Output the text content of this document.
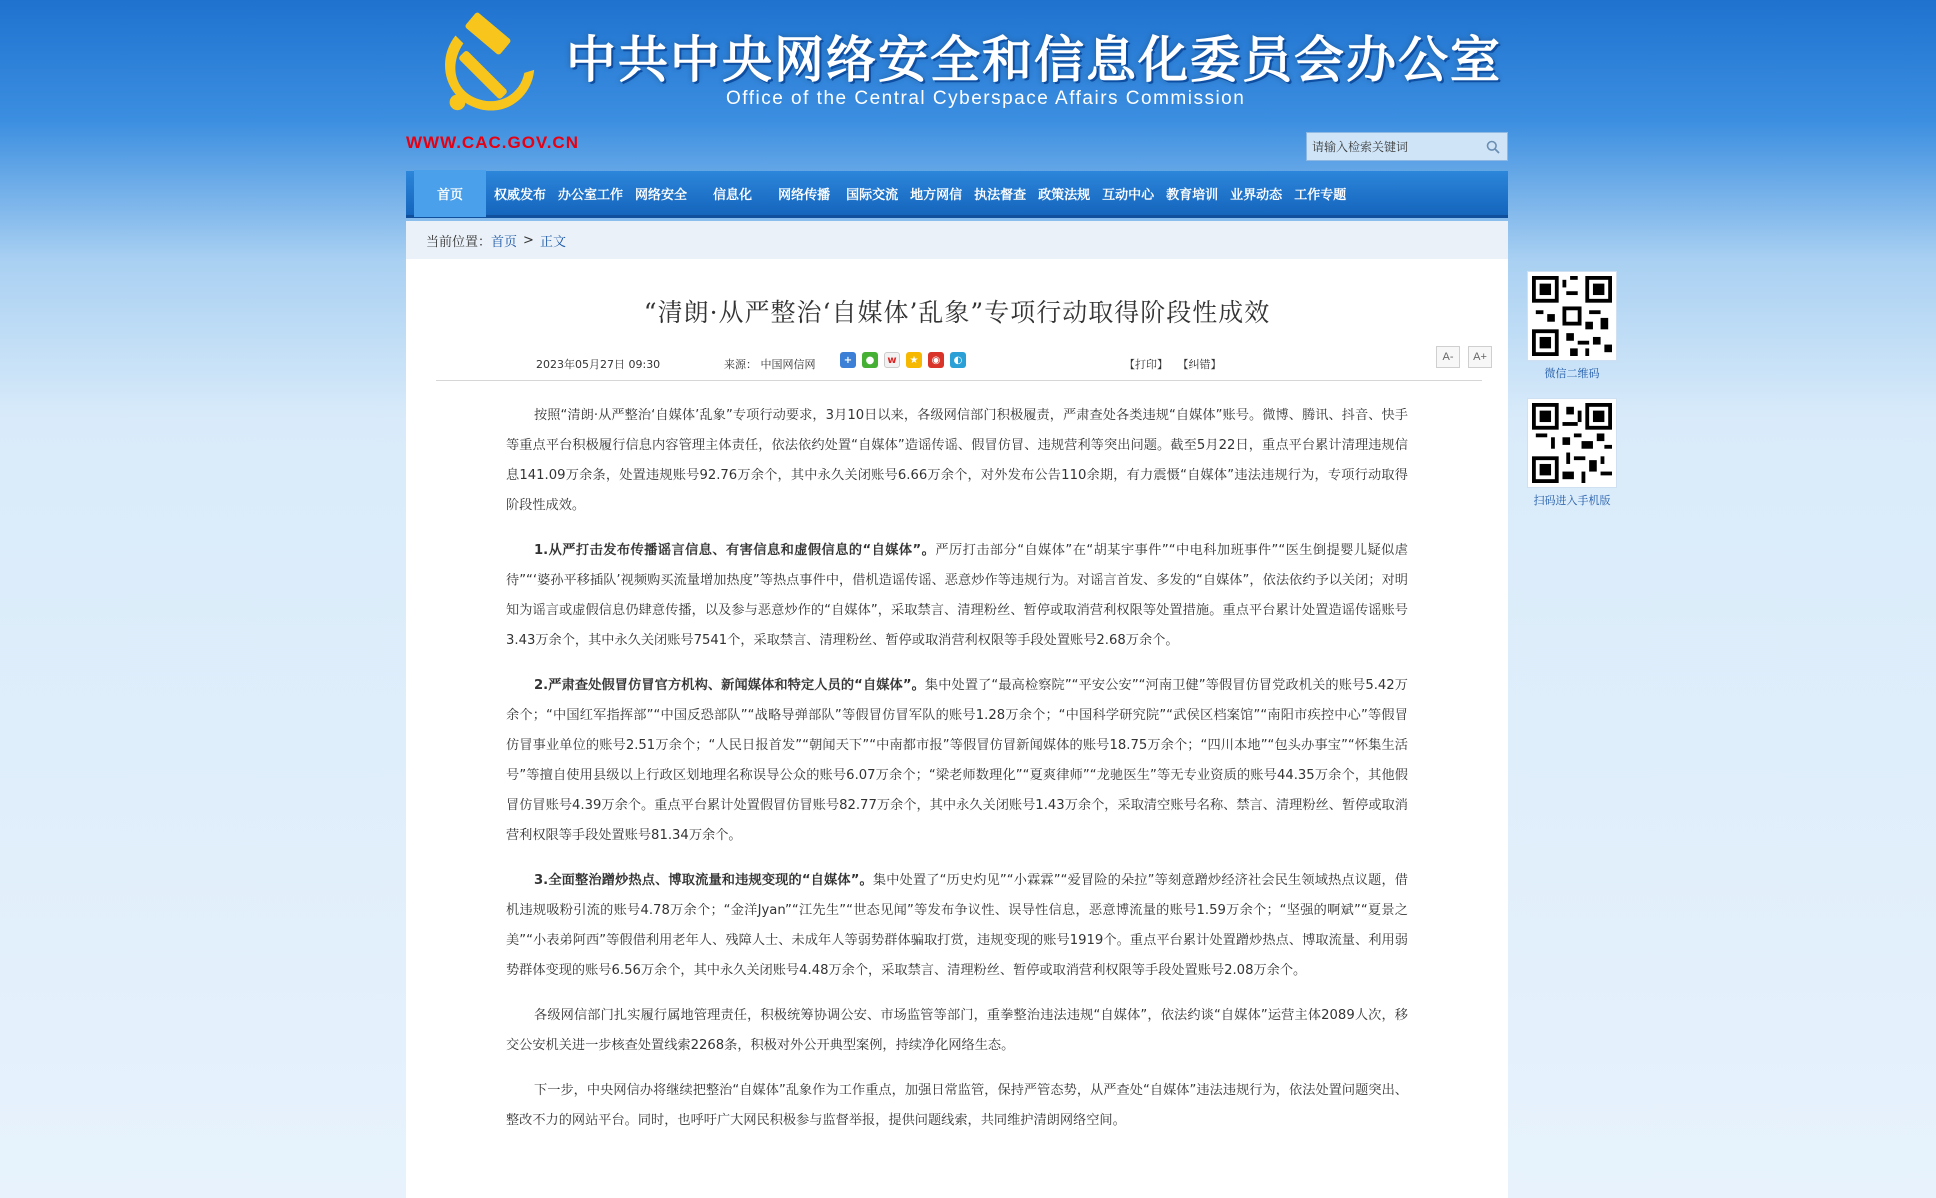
中共中央网络安全和信息化委员会办公室
Office of the Central Cyberspace Affairs Commission
WWW.CAC.GOV.CN
请输入检索关键词
首页	权威发布 办公室工作 网络安全	信息化	网络传播	国际交流 地方网信 执法督查 政策法规 互动中心 教育培训 业界动态 工作专题
当前位置： 首页 > 正文
“清朗·从严整治‘自媒体’乱象”专项行动取得阶段性成效
2023年05月27日 09:30	来源： 中国网信网	+	●	w	★	◉	◐	【打印】 【纠错】
A-	A+

按照“清朗·从严整治‘自媒体’乱象”专项行动要求，3月10日以来，各级网信部门积极履责，严肃查处各类违规“自媒体”账号。微博、腾讯、抖音、快手等重点平台积极履行信息内容管理主体责任，依法依约处置“自媒体”造谣传谣、假冒仿冒、违规营利等突出问题。截至5月22日，重点平台累计清理违规信息141.09万余条，处置违规账号92.76万余个，其中永久关闭账号6.66万余个，对外发布公告110余期，有力震慑“自媒体”违法违规行为，专项行动取得阶段性成效。

1.从严打击发布传播谣言信息、有害信息和虚假信息的“自媒体”。严厉打击部分“自媒体”在“胡某宇事件”“中电科加班事件”“医生倒提婴儿疑似虐待”“‘婆孙平移插队’视频购买流量增加热度”等热点事件中，借机造谣传谣、恶意炒作等违规行为。对谣言首发、多发的“自媒体”，依法依约予以关闭；对明知为谣言或虚假信息仍肆意传播，以及参与恶意炒作的“自媒体”，采取禁言、清理粉丝、暂停或取消营利权限等处置措施。重点平台累计处置造谣传谣账号3.43万余个，其中永久关闭账号7541个，采取禁言、清理粉丝、暂停或取消营利权限等手段处置账号2.68万余个。

2.严肃查处假冒仿冒官方机构、新闻媒体和特定人员的“自媒体”。集中处置了“最高检察院”“平安公安”“河南卫健”等假冒仿冒党政机关的账号5.42万余个；“中国红军指挥部”“中国反恐部队”“战略导弹部队”等假冒仿冒军队的账号1.28万余个；“中国科学研究院”“武侯区档案馆”“南阳市疾控中心”等假冒仿冒事业单位的账号2.51万余个；“人民日报首发”“朝闻天下”“中南都市报”等假冒仿冒新闻媒体的账号18.75万余个；“四川本地”“包头办事宝”“怀集生活号”等擅自使用县级以上行政区划地理名称误导公众的账号6.07万余个；“梁老师数理化”“夏爽律师”“龙驰医生”等无专业资质的账号44.35万余个，其他假冒仿冒账号4.39万余个。重点平台累计处置假冒仿冒账号82.77万余个，其中永久关闭账号1.43万余个，采取清空账号名称、禁言、清理粉丝、暂停或取消营利权限等手段处置账号81.34万余个。

3.全面整治蹭炒热点、博取流量和违规变现的“自媒体”。集中处置了“历史灼见”“小霖霖”“爱冒险的朵拉”等刻意蹭炒经济社会民生领域热点议题，借机违规吸粉引流的账号4.78万余个；“金洋Jyan”“江先生”“世态见闻”等发布争议性、误导性信息，恶意博流量的账号1.59万余个；“坚强的啊斌”“夏景之美”“小表弟阿西”等假借利用老年人、残障人士、未成年人等弱势群体骗取打赏，违规变现的账号1919个。重点平台累计处置蹭炒热点、博取流量、利用弱势群体变现的账号6.56万余个，其中永久关闭账号4.48万余个，采取禁言、清理粉丝、暂停或取消营利权限等手段处置账号2.08万余个。

各级网信部门扎实履行属地管理责任，积极统筹协调公安、市场监管等部门，重拳整治违法违规“自媒体”，依法约谈“自媒体”运营主体2089人次，移交公安机关进一步核查处置线索2268条，积极对外公开典型案例，持续净化网络生态。

下一步，中央网信办将继续把整治“自媒体”乱象作为工作重点，加强日常监管，保持严管态势，从严查处“自媒体”违法违规行为，依法处置问题突出、整改不力的网站平台。同时，也呼吁广大网民积极参与监督举报，提供问题线索，共同维护清朗网络空间。

微信二维码
扫码进入手机版
